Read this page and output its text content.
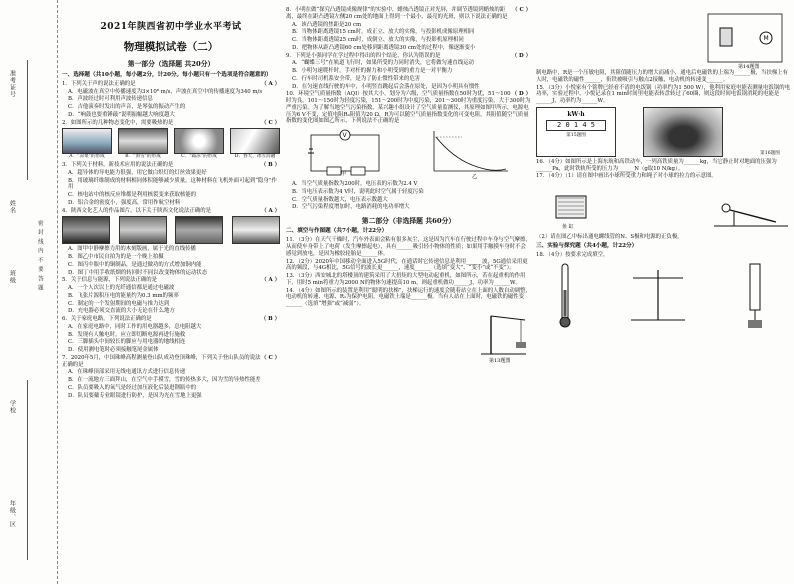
准考证号
姓名
班级
学校
年级、区
密 封 线 内 不 要 答 题
2021年陕西省初中学业水平考试
物理模拟试卷（二）
第一部分（选择题 共20分）
一、选择题（共10小题，每小题2分，计20分。每小题只有一个选项是符合题意的）
（ A ）
1．下列关于声的说法正确的是
A．电磁波在真空中传播速度为3×10⁸ m/s，声波在真空中的传播速度为340 m/s
B．声波经过时可利用声波传递信息
C．吉他演奏时发出的声音，是琴弦的振动产生的
D．“响鼓也要重锤敲”说明振幅越大响度越大
（ C ）
2．如图所示的几种物态变化中，需要吸热的是
A．“凉菜”的形成	B．“滑雪”的形成	C．“霜冻”的形成	D．春天，冰雪消融
（ B ）
3．下列关于材料，新技术应用的说法正确的是
A．超导体的导电能力很强，用它做白炽灯的灯丝效果更好
B．用玻璃纤维制成的材料相同体积能够减少质量，这种材料在飞机外面可起到“隐身”作用
C．核电站中的核反应堆都是利用核裂变来获取核能的
D．铝合金的密度小，强度高，常用作航空材料
（ A ）
4．陕西文化艺人的作品图片，以下关于陕西文化说法正确的是
A．图甲中静摩擦力用的木刻版画，属于光的直线传播
B．图乙中市民自拍为的是一个晚上拍摄
C．图丙中瓶中的铜制品，是通过做功的方式增加铜内能
D．图丁中用手收纸烟的转回时不同以改变物体的运动状态
（ A ）
5．关于信息与能源，下列说法正确的是
A．一个人次以上的光纤通信都是通过电磁波
B．飞张片源积压电的能量约为0.3 mm的频率
C．制定的一个发射期间的电磁与推力达到
D．充电器必须交直流的大小无论在什么地方
（ B ）
6．关于家庭电路，下列说法正确的是
A．在家庭电路中，同时工作的用电器越多，总电阻越大
B．发现有人触电时，应立即切断电源再进行施救
C．三脚插头中间较长的脚应与用电器的地线相连
D．使用测电笔时必须接触笔尾金属体
（ C ）
7．2020年5月，中国珠峰高程测量登山队成功登顶珠峰，下列关于登山队员的说法正确的是
A．在珠峰顶部采用无线电通讯方式进行信息传递
B．在一流地方三面拜山，在空气中手摸雪，雪的传热多大，因为雪的导热性能差
C．队员要吸入的氧气是经过加压液化后装进钢瓶中的
D．队员要戴专业眼镜进行防护，是因为光在雪地上更强
（ C ）
8．小明在做“探究凸透镜成像规律”的实验中，蜡烛凸透镜正对光屏，并调节透镜到蜡烛的距离，最终在距凸透镜左侧20 cm处的地面上得到一个最小、最亮的光斑，则以下说法正确的是
A．该凸透镜的焦距是20 cm
B．当物体距离透镜15 cm时，成正立、放大的实像，与投影机成像原理相同
C．当物体距离透镜25 cm时，成倒立、放大的实像，与投影机原理相同
D．把物体从距凸透镜60 cm处移到距离透镜30 cm处的过程中，像逐渐变小
（ D ）
9．下列是小强同学在学过程中得出的四个结论，你认为错误的是
A．“蝴蝶三号”在轨道飞行时，如果所受的力同时消失，它将做匀速直线运动
B．小明匀速爬杆时，手对杆的握力和小明受到的重力是一对平衡力
C．行车时司机系安全带，是为了防止惯性带来的危害
D．在匀速直线行驶的车中，小明竖直跳起后会落在原处，是因为小明具有惯性
（ D ）
10．环境空气质量指数（AQI）按其大小，划分为六级，空气质量指数在50时为优，51～100时为良，101～150时为轻度污染，151～200时为中度污染，201～300时为重度污染，大于300时为严重污染。为了解当地空气污染指数，某兴趣小组设计了空气质量监测仪，其原理如图甲所示，电源电压为6 V不变，定值电阻R₀阻值为20 Ω，R为可以随空气质量指数变化的可变电阻，其阻值随空气质量指数的变化图如图乙所示，下列说法不正确的是
V
甲	乙
A．当空气质量指数为200时，电压表的示数为2.4 V
B．当电压表示数为4 V时，说明此时空气属于轻度污染
C．空气质量指数越大，电压表示数越大
D．空气污染程度增加时，电路消耗的电功率增大
第二部分（非选择题 共60分）
二、填空与作图题（共7小题，计22分）
11．（3分）在天气干燥时，汽车外表面会粘有很多灰尘，这是因为汽车在行驶过程中车身与空气摩擦，从而使车身带上了电荷（发生摩擦起电），具有______吸引轻小物体的性质；如果用手触摸车身时不会感觉到放电，是因为橡胶轮胎是______体。
12．（2分）2020年中国移动全面进入5G时代，在通话时它传递信息是利用______波，5G通信采用更高的频段，与4G相比，5G信号的波长更______，速度______（选填“变大”、“变小”或“不变”）。
13．（3分）西安城北的塔楼顶的建筑采用了大扭矩的大型电动起重机，如图所示，若在起重机的作用下，用时5 min将重力为2000 N的物体匀速提高10 m，则起重机做功______J，功率为______W。
14．（4分）如图所示的装置是利用“聪明的扶梯”，扶梯运行的速度会随着站立在上面的人数自动调整，电动机的转速、电源、R₁为保护电阻，电磁铁上端是______极。当有人站在上面时，电磁铁的磁性变______（选填“增强”或“减弱”）。
第13题图
M
第14题图
制电路中，R是一个压敏电阻，其阻值随压力的增大而减小，通电后电磁铁的上端为______极，当扶梯上有人时，电磁铁的磁性______，衔铁被吸引与触点2接触，电动机的转速变______。
15．（3分）小悦家有个铭牌已经看不清的电饭锅（功率约为1 500 W），他利用家庭电能表测量电饭锅的电功率，实验过程中，小悦记录在1 min时间里电能表转盘转过了60圈，则这段时间电饭锅消耗的电能是______J，功率约为______W。
kW·h
2 0 1 4 5
第15题图
第16题图
16．（4分）如图所示是上海东航和高铁动车，一列高铁质量为______kg，当它静止时对地面的压强为______Pa，此时铁轨所受的压力为______N（g取10 N/kg）。
17．（4分）（1）请在图中画出小球所受重力和绳子对小球的拉力的示意图。
鱼 缸
（2）请在图乙中标出通电螺线管的N、S极和电源的正负极。
三、实验与探究题（共4小题，计22分）
18．（4分）按要求完成填空。
